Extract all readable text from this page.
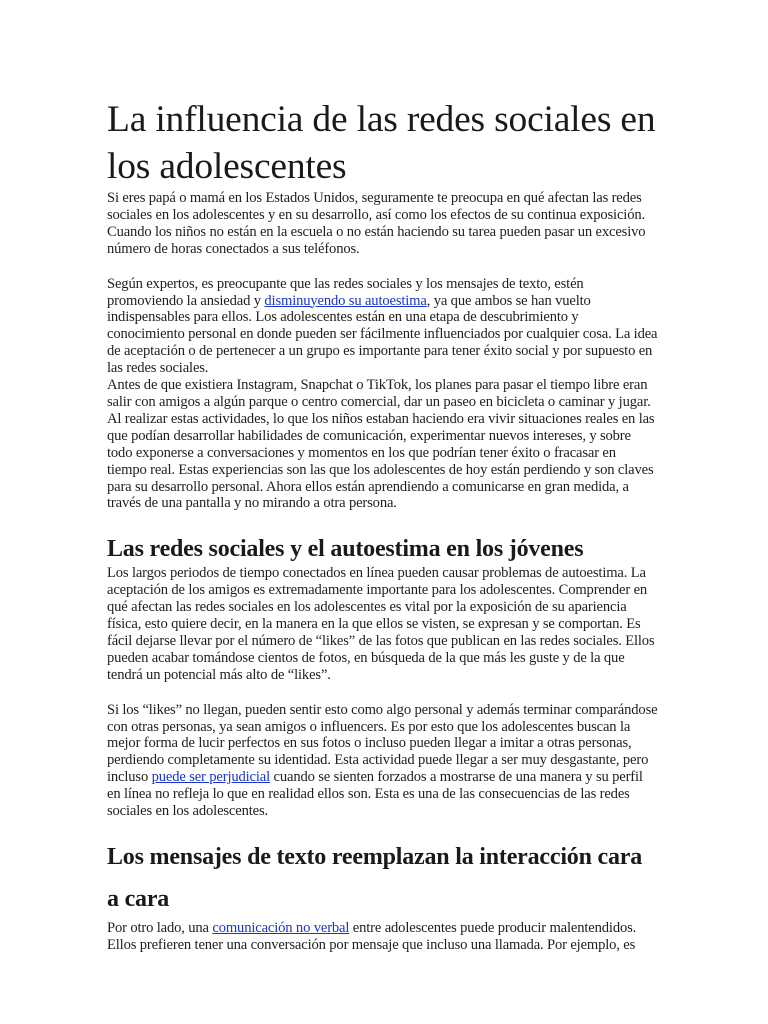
La influencia de las redes sociales en los adolescentes

Si eres papá o mamá en los Estados Unidos, seguramente te preocupa en qué afectan las redes sociales en los adolescentes y en su desarrollo, así como los efectos de su continua exposición. Cuando los niños no están en la escuela o no están haciendo su tarea pueden pasar un excesivo número de horas conectados a sus teléfonos.

Según expertos, es preocupante que las redes sociales y los mensajes de texto, estén promoviendo la ansiedad y disminuyendo su autoestima, ya que ambos se han vuelto indispensables para ellos. Los adolescentes están en una etapa de descubrimiento y conocimiento personal en donde pueden ser fácilmente influenciados por cualquier cosa. La idea de aceptación o de pertenecer a un grupo es importante para tener éxito social y por supuesto en las redes sociales.

Antes de que existiera Instagram, Snapchat o TikTok, los planes para pasar el tiempo libre eran salir con amigos a algún parque o centro comercial, dar un paseo en bicicleta o caminar y jugar. Al realizar estas actividades, lo que los niños estaban haciendo era vivir situaciones reales en las que podían desarrollar habilidades de comunicación, experimentar nuevos intereses, y sobre todo exponerse a conversaciones y momentos en los que podrían tener éxito o fracasar en tiempo real. Estas experiencias son las que los adolescentes de hoy están perdiendo y son claves para su desarrollo personal. Ahora ellos están aprendiendo a comunicarse en gran medida, a través de una pantalla y no mirando a otra persona.

Las redes sociales y el autoestima en los jóvenes

Los largos periodos de tiempo conectados en línea pueden causar problemas de autoestima. La aceptación de los amigos es extremadamente importante para los adolescentes. Comprender en qué afectan las redes sociales en los adolescentes es vital por la exposición de su apariencia física, esto quiere decir, en la manera en la que ellos se visten, se expresan y se comportan. Es fácil dejarse llevar por el número de “likes” de las fotos que publican en las redes sociales. Ellos pueden acabar tomándose cientos de fotos, en búsqueda de la que más les guste y de la que tendrá un potencial más alto de “likes”.

Si los “likes” no llegan, pueden sentir esto como algo personal y además terminar comparándose con otras personas, ya sean amigos o influencers. Es por esto que los adolescentes buscan la mejor forma de lucir perfectos en sus fotos o incluso pueden llegar a imitar a otras personas, perdiendo completamente su identidad. Esta actividad puede llegar a ser muy desgastante, pero incluso puede ser perjudicial cuando se sienten forzados a mostrarse de una manera y su perfil en línea no refleja lo que en realidad ellos son. Esta es una de las consecuencias de las redes sociales en los adolescentes.

Los mensajes de texto reemplazan la interacción cara a cara

Por otro lado, una comunicación no verbal entre adolescentes puede producir malentendidos. Ellos prefieren tener una conversación por mensaje que incluso una llamada. Por ejemplo, es
